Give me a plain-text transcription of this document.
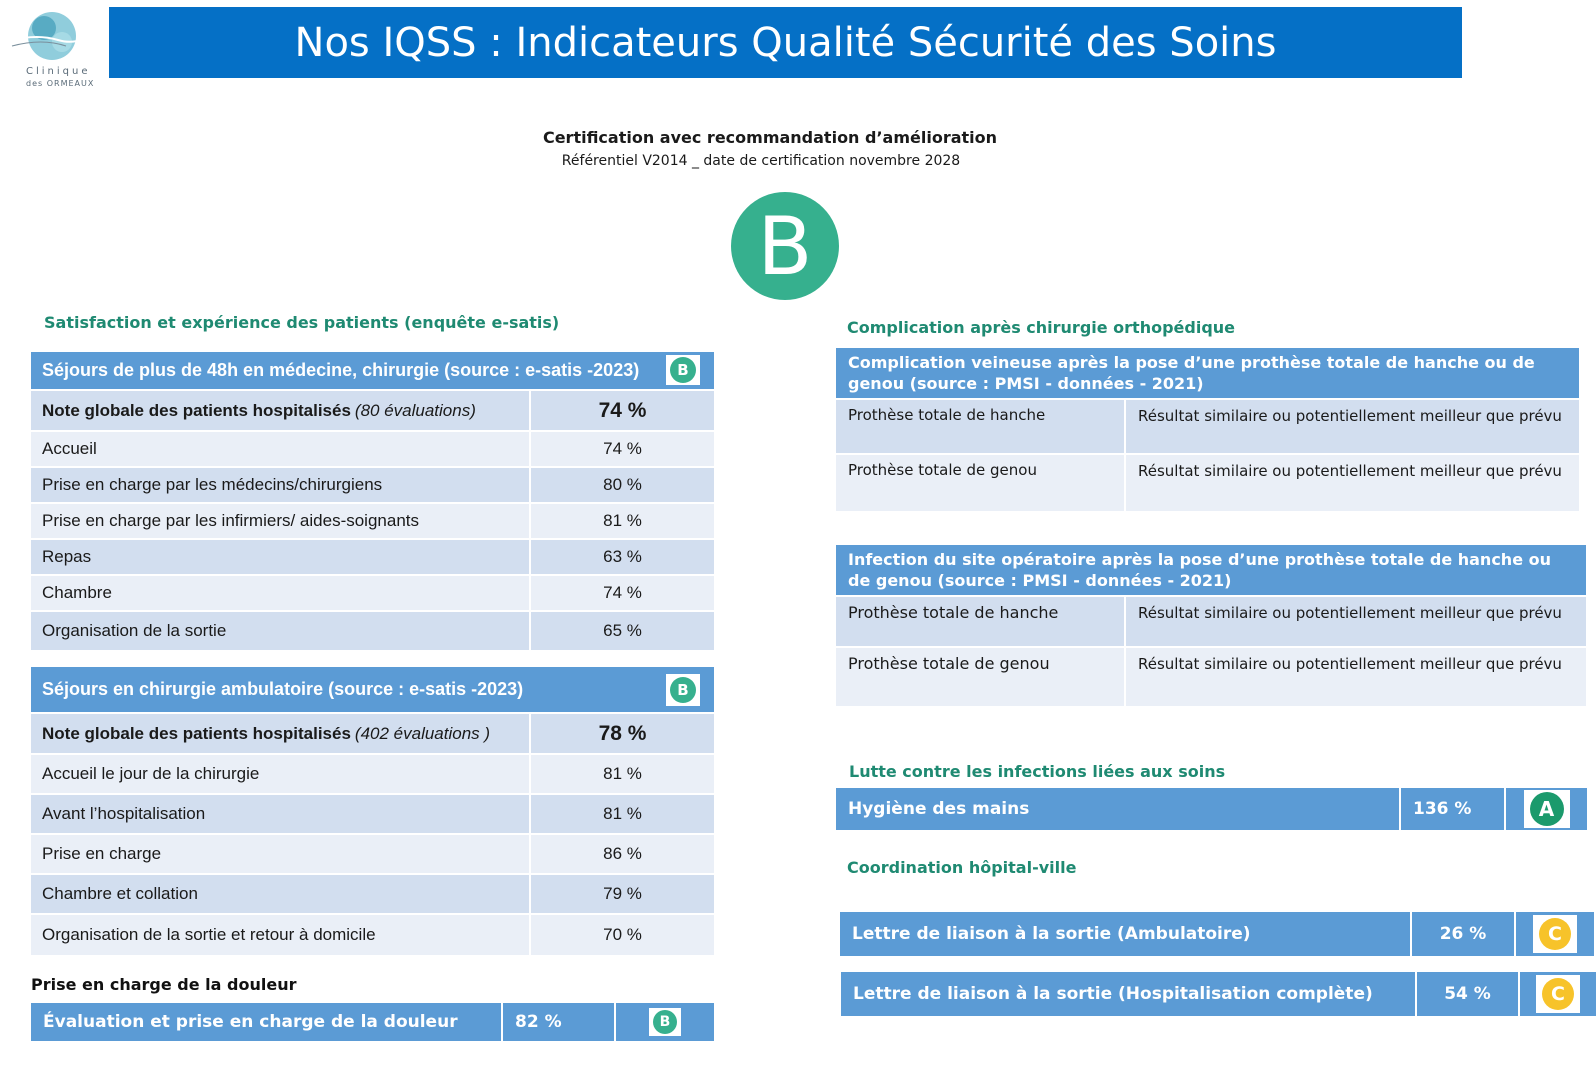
Clinique
des ORMEAUX
Nos IQSS : Indicateurs Qualité Sécurité des Soins
Certification avec recommandation d’amélioration
Référentiel V2014 _ date de certification novembre 2028
B
Satisfaction et expérience des patients (enquête e-satis)
Séjours de plus de 48h en médecine, chirurgie (source : e-satis -2023)	B
Note globale des patients hospitalisés (80 évaluations)	74 %
Accueil	74 %
Prise en charge par les médecins/chirurgiens	80 %
Prise en charge par les infirmiers/ aides-soignants	81 %
Repas	63 %
Chambre	74 %
Organisation de la sortie	65 %
Séjours en chirurgie ambulatoire (source : e-satis -2023)	B
Note globale des patients hospitalisés (402 évaluations )	78 %
Accueil le jour de la chirurgie	81 %
Avant l’hospitalisation	81 %
Prise en charge	86 %
Chambre et collation	79 %
Organisation de la sortie et retour à domicile	70 %
Prise en charge de la douleur
Évaluation et prise en charge de la douleur	82 %	B
Complication après chirurgie orthopédique
Complication veineuse après la pose d’une prothèse totale de hanche ou de genou (source : PMSI - données - 2021)
Prothèse totale de hanche	Résultat similaire ou potentiellement meilleur que prévu
Prothèse totale de genou	Résultat similaire ou potentiellement meilleur que prévu
Infection du site opératoire après la pose d’une prothèse totale de hanche ou de genou (source : PMSI - données - 2021)
Prothèse totale de hanche	Résultat similaire ou potentiellement meilleur que prévu
Prothèse totale de genou	Résultat similaire ou potentiellement meilleur que prévu
Lutte contre les infections liées aux soins
Hygiène des mains	136 %	A
Coordination hôpital-ville
Lettre de liaison à la sortie (Ambulatoire)	26 %	C
Lettre de liaison à la sortie (Hospitalisation complète)	54 %	C
